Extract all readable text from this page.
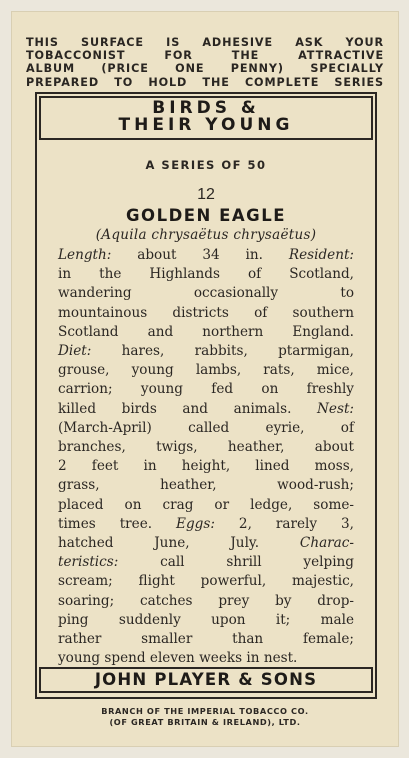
THIS SURFACE IS ADHESIVE ASK YOUR
TOBACCONIST FOR THE ATTRACTIVE
ALBUM (PRICE ONE PENNY) SPECIALLY
PREPARED TO HOLD THE COMPLETE SERIES
BIRDS &
THEIR YOUNG
A SERIES OF 50
12
GOLDEN EAGLE
(Aquila chrysaëtus chrysaëtus)
Length: about 34 in. Resident:
in the Highlands of Scotland,
wandering occasionally to
mountainous districts of southern
Scotland and northern England.
Diet: hares, rabbits, ptarmigan,
grouse, young lambs, rats, mice,
carrion; young fed on freshly
killed birds and animals. Nest:
(March-April) called eyrie, of
branches, twigs, heather, about
2 feet in height, lined moss,
grass, heather, wood-rush;
placed on crag or ledge, some-
times tree. Eggs: 2, rarely 3,
hatched June, July. Charac-
teristics: call shrill yelping
scream; flight powerful, majestic,
soaring; catches prey by drop-
ping suddenly upon it; male
rather smaller than female;
young spend eleven weeks in nest.
JOHN PLAYER & SONS
BRANCH OF THE IMPERIAL TOBACCO CO.
(OF GREAT BRITAIN & IRELAND), LTD.
